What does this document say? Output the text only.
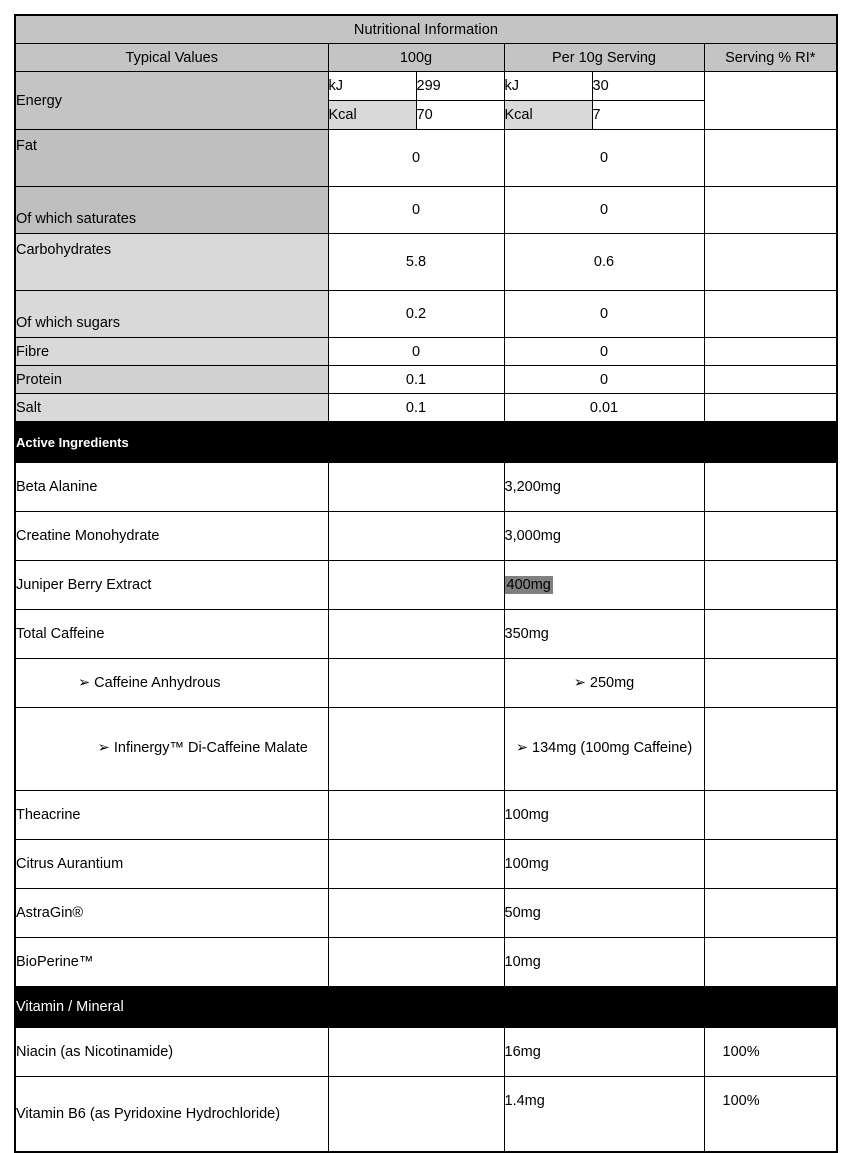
Nutritional Information					
Typical Values	100g		Per 10g Serving		Serving % RI*
Energy	kJ	299	kJ	30	
	Kcal	70	Kcal	7	
Fat	0		0		
Of which saturates	0		0		
Carbohydrates	5.8		0.6		
Of which sugars	0.2		0		
Fibre	0		0		
Protein	0.1		0		
Salt	0.1		0.01		
Active Ingredients					
Beta Alanine			3,200mg		
Creatine Monohydrate			3,000mg		
Juniper Berry Extract			400mg		
Total Caffeine			350mg		
➢ Caffeine Anhydrous			➢ 250mg		
➢ Infinergy™ Di-Caffeine Malate			➢ 134mg (100mg Caffeine)		
Theacrine			100mg		
Citrus Aurantium			100mg		
AstraGin®			50mg		
BioPerine™			10mg		
Vitamin / Mineral					
Niacin (as Nicotinamide)			16mg		100%
Vitamin B6 (as Pyridoxine Hydrochloride)			1.4mg		100%
